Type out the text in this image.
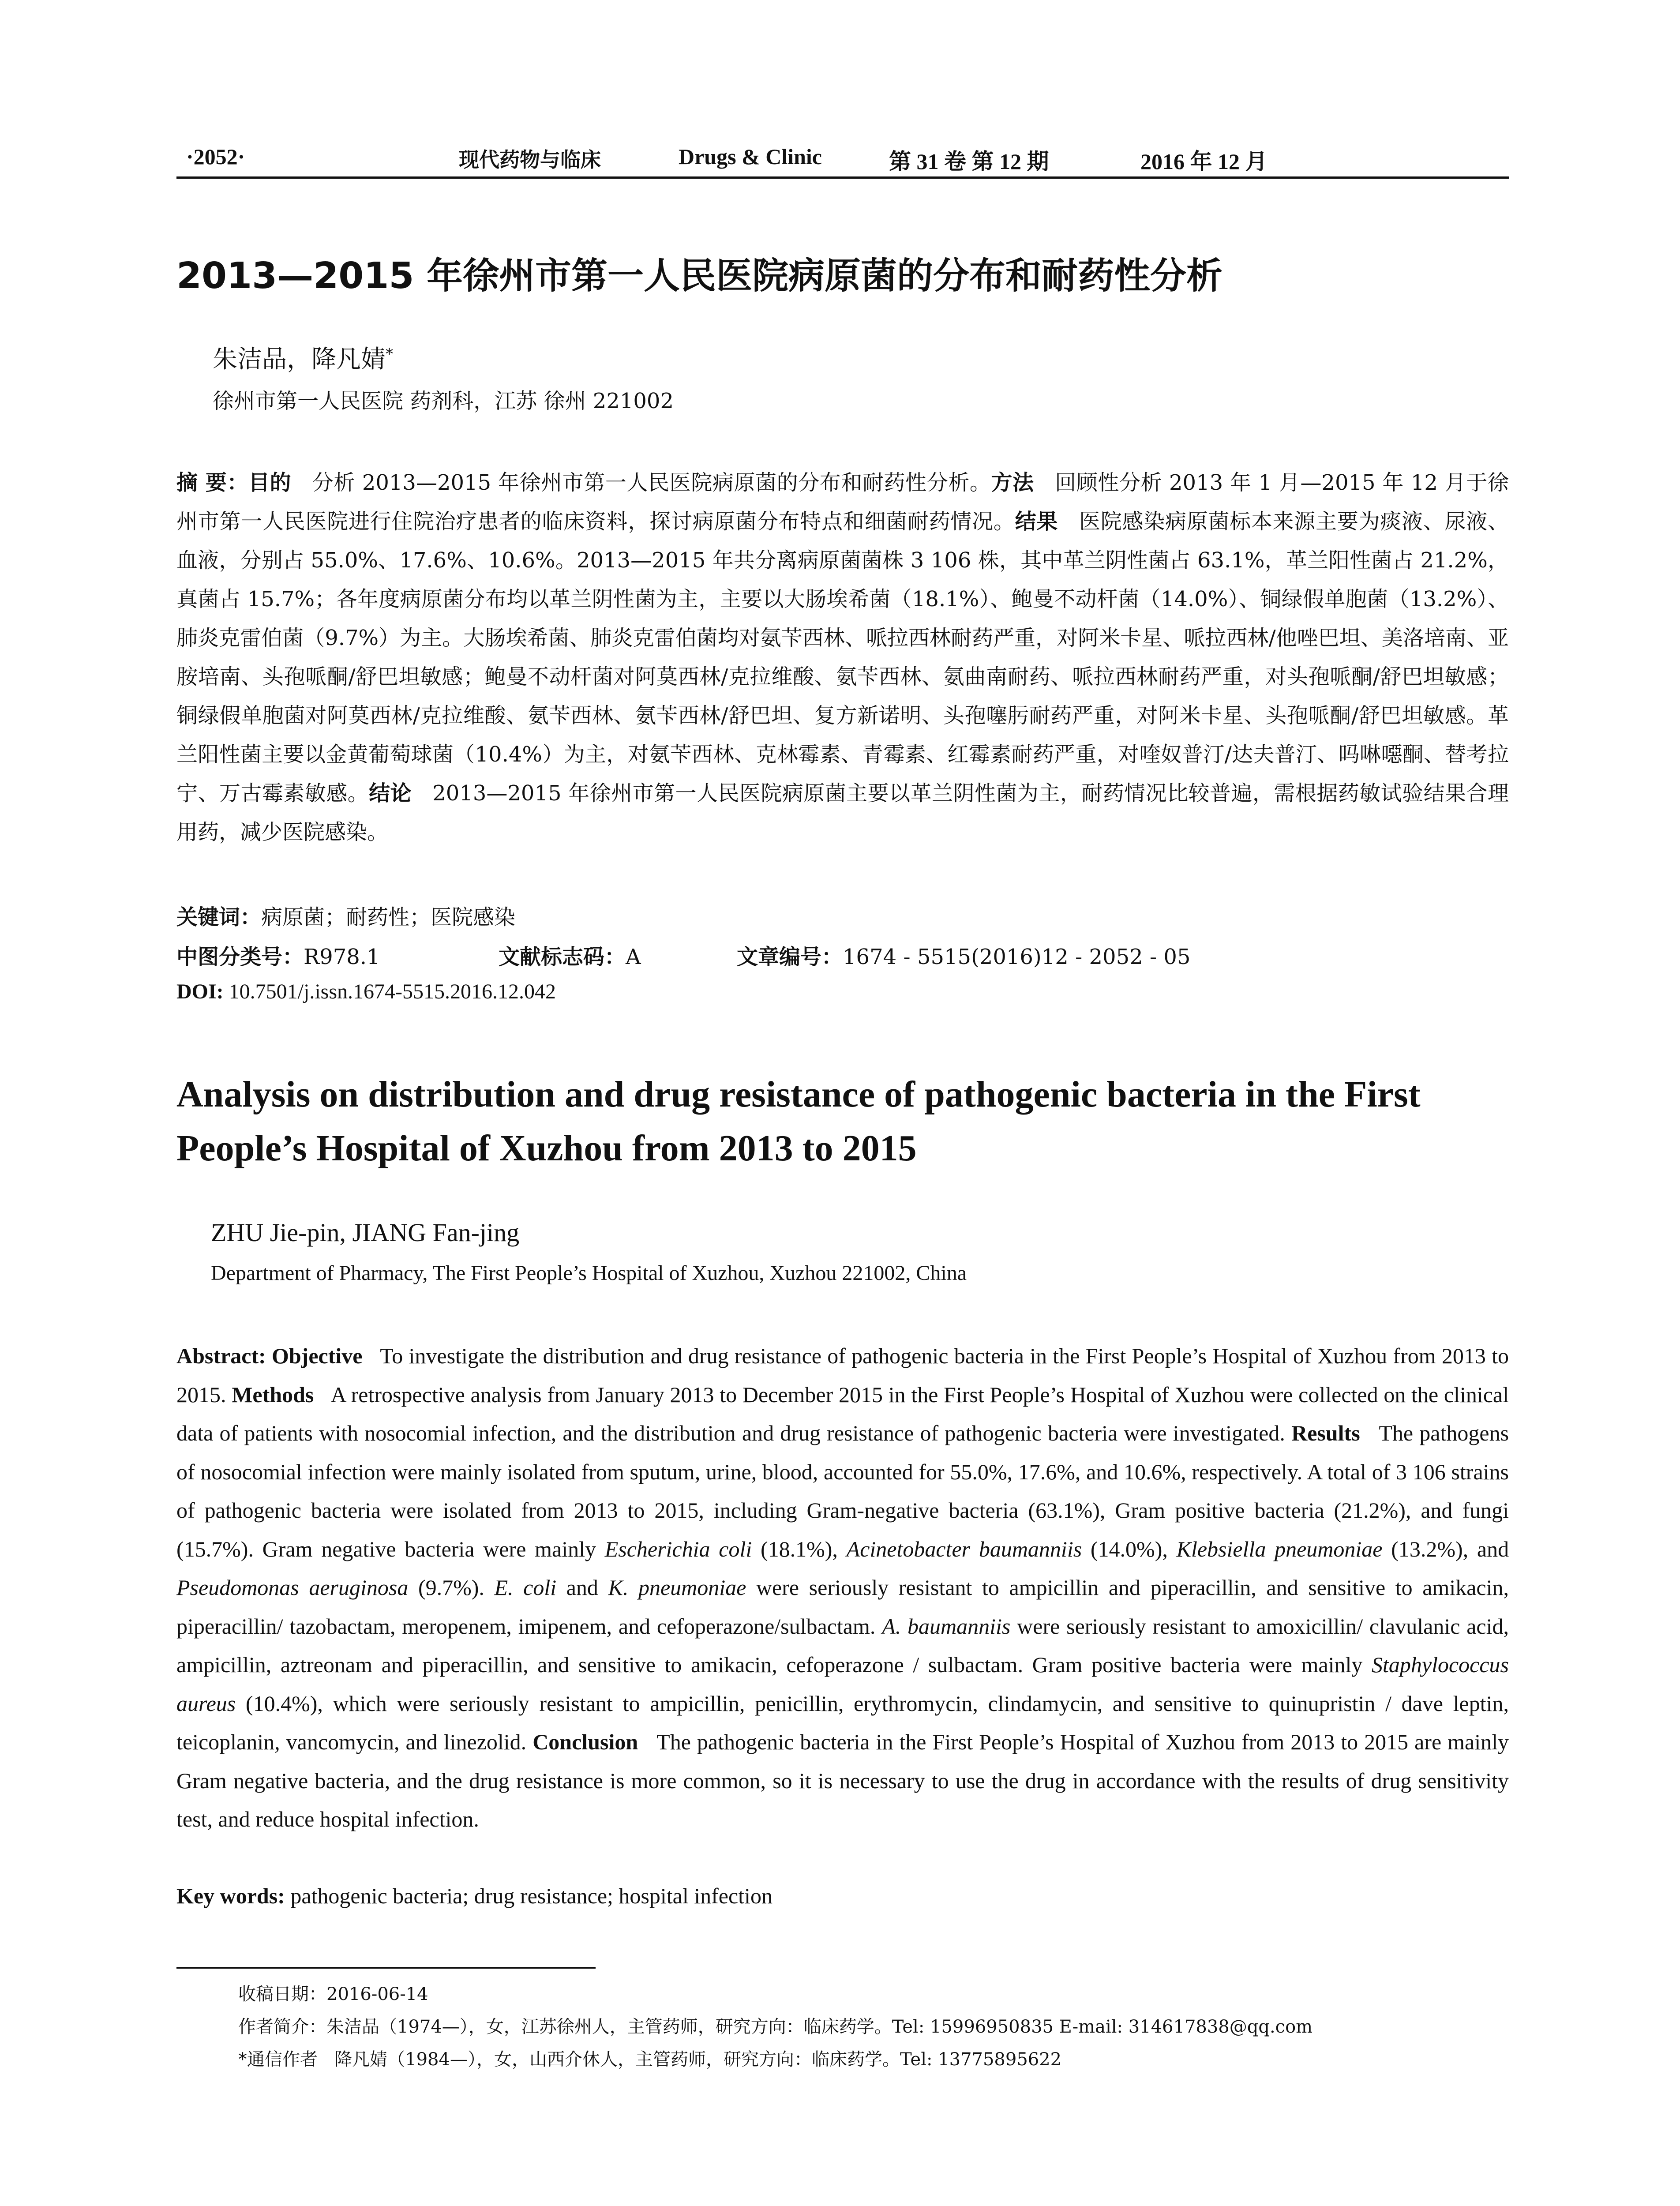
·2052·	现代药物与临床	Drugs & Clinic	第 31 卷 第 12 期	2016 年 12 月
2013—2015 年徐州市第一人民医院病原菌的分布和耐药性分析
朱洁品，降凡婧*
徐州市第一人民医院 药剂科，江苏 徐州 221002
摘 要：目的 分析 2013—2015 年徐州市第一人民医院病原菌的分布和耐药性分析。方法 回顾性分析 2013 年 1 月—2015 年 12 月于徐州市第一人民医院进行住院治疗患者的临床资料，探讨病原菌分布特点和细菌耐药情况。结果 医院感染病原菌标本来源主要为痰液、尿液、血液，分别占 55.0%、17.6%、10.6%。2013—2015 年共分离病原菌菌株 3 106 株，其中革兰阴性菌占 63.1%，革兰阳性菌占 21.2%，真菌占 15.7%；各年度病原菌分布均以革兰阴性菌为主，主要以大肠埃希菌（18.1%）、鲍曼不动杆菌（14.0%）、铜绿假单胞菌（13.2%）、肺炎克雷伯菌（9.7%）为主。大肠埃希菌、肺炎克雷伯菌均对氨苄西林、哌拉西林耐药严重，对阿米卡星、哌拉西林/他唑巴坦、美洛培南、亚胺培南、头孢哌酮/舒巴坦敏感；鲍曼不动杆菌对阿莫西林/克拉维酸、氨苄西林、氨曲南耐药、哌拉西林耐药严重，对头孢哌酮/舒巴坦敏感；铜绿假单胞菌对阿莫西林/克拉维酸、氨苄西林、氨苄西林/舒巴坦、复方新诺明、头孢噻肟耐药严重，对阿米卡星、头孢哌酮/舒巴坦敏感。革兰阳性菌主要以金黄葡萄球菌（10.4%）为主，对氨苄西林、克林霉素、青霉素、红霉素耐药严重，对喹奴普汀/达夫普汀、吗啉噁酮、替考拉宁、万古霉素敏感。结论 2013—2015 年徐州市第一人民医院病原菌主要以革兰阴性菌为主，耐药情况比较普遍，需根据药敏试验结果合理用药，减少医院感染。
关键词：病原菌；耐药性；医院感染
中图分类号：R978.1	文献标志码：A	文章编号：1674 - 5515(2016)12 - 2052 - 05
DOI: 10.7501/j.issn.1674-5515.2016.12.042
Analysis on distribution and drug resistance of pathogenic bacteria in the First People’s Hospital of Xuzhou from 2013 to 2015
ZHU Jie-pin, JIANG Fan-jing
Department of Pharmacy, The First People’s Hospital of Xuzhou, Xuzhou 221002, China
Abstract: Objective To investigate the distribution and drug resistance of pathogenic bacteria in the First People’s Hospital of Xuzhou from 2013 to 2015. Methods A retrospective analysis from January 2013 to December 2015 in the First People’s Hospital of Xuzhou were collected on the clinical data of patients with nosocomial infection, and the distribution and drug resistance of pathogenic bacteria were investigated. Results The pathogens of nosocomial infection were mainly isolated from sputum, urine, blood, accounted for 55.0%, 17.6%, and 10.6%, respectively. A total of 3 106 strains of pathogenic bacteria were isolated from 2013 to 2015, including Gram-negative bacteria (63.1%), Gram positive bacteria (21.2%), and fungi (15.7%). Gram negative bacteria were mainly Escherichia coli (18.1%), Acinetobacter baumanniis (14.0%), Klebsiella pneumoniae (13.2%), and Pseudomonas aeruginosa (9.7%). E. coli and K. pneumoniae were seriously resistant to ampicillin and piperacillin, and sensitive to amikacin, piperacillin/ tazobactam, meropenem, imipenem, and cefoperazone/sulbactam. A. baumanniis were seriously resistant to amoxicillin/ clavulanic acid, ampicillin, aztreonam and piperacillin, and sensitive to amikacin, cefoperazone / sulbactam. Gram positive bacteria were mainly Staphylococcus aureus (10.4%), which were seriously resistant to ampicillin, penicillin, erythromycin, clindamycin, and sensitive to quinupristin / dave leptin, teicoplanin, vancomycin, and linezolid. Conclusion The pathogenic bacteria in the First People’s Hospital of Xuzhou from 2013 to 2015 are mainly Gram negative bacteria, and the drug resistance is more common, so it is necessary to use the drug in accordance with the results of drug sensitivity test, and reduce hospital infection.
Key words: pathogenic bacteria; drug resistance; hospital infection
收稿日期：2016-06-14
作者简介：朱洁品（1974—），女，江苏徐州人，主管药师，研究方向：临床药学。Tel: 15996950835 E-mail: 314617838@qq.com
*通信作者 降凡婧（1984—），女，山西介休人，主管药师，研究方向：临床药学。Tel: 13775895622
